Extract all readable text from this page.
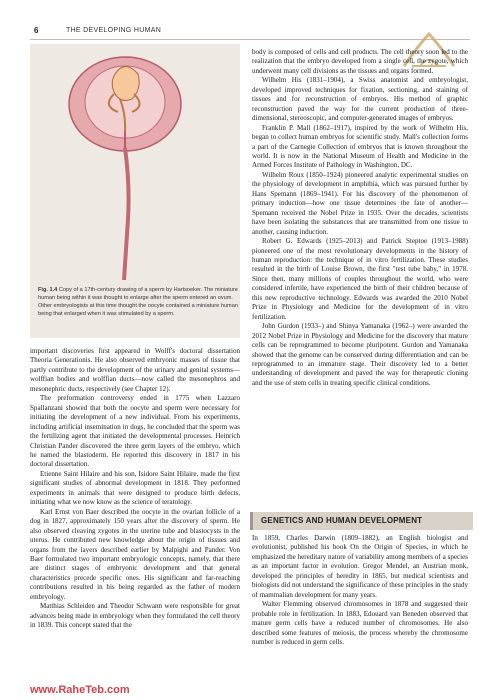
6	THE DEVELOPING HUMAN
Fig. 1.4 Copy of a 17th-century drawing of a sperm by Hartsoeker. The miniature human being within it was thought to enlarge after the sperm entered an ovum. Other embryologists at this time thought the oocyte contained a miniature human being that enlarged when it was stimulated by a sperm.

important discoveries first appeared in Wolff's doctoral dissertation Theoria Generationis. He also observed embryonic masses of tissue that partly contribute to the development of the urinary and genital systems—wolffian bodies and wolffian ducts—now called the mesonephros and mesonephric ducts, respectively (see Chapter 12).

The preformation controversy ended in 1775 when Lazzaro Spallanzani showed that both the oocyte and sperm were necessary for initiating the development of a new individual. From his experiments, including artificial insemination in dogs, he concluded that the sperm was the fertilizing agent that initiated the developmental processes. Heinrich Christian Pander discovered the three germ layers of the embryo, which he named the blastoderm. He reported this discovery in 1817 in his doctoral dissertation.

Etienne Saint Hilaire and his son, Isidore Saint Hilaire, made the first significant studies of abnormal development in 1818. They performed experiments in animals that were designed to produce birth defects, initiating what we now know as the science of teratology.

Karl Ernst von Baer described the oocyte in the ovarian follicle of a dog in 1827, approximately 150 years after the discovery of sperm. He also observed cleaving zygotes in the uterine tube and blastocysts in the uterus. He contributed new knowledge about the origin of tissues and organs from the layers described earlier by Malpighi and Pander. Von Baer formulated two important embryologic concepts, namely, that there are distinct stages of embryonic development and that general characteristics precede specific ones. His significant and far-reaching contributions resulted in his being regarded as the father of modern embryology.

Matthias Schleiden and Theodor Schwann were responsible for great advances being made in embryology when they formulated the cell theory in 1839. This concept stated that the

body is composed of cells and cell products. The cell theory soon led to the realization that the embryo developed from a single cell, the zygote, which underwent many cell divisions as the tissues and organs formed.

Wilhelm His (1831–1904), a Swiss anatomist and embryologist, developed improved techniques for fixation, sectioning, and staining of tissues and for reconstruction of embryos. His method of graphic reconstruction paved the way for the current production of three-dimensional, stereoscopic, and computer-generated images of embryos.

Franklin P. Mall (1862–1917), inspired by the work of Wilhelm His, began to collect human embryos for scientific study. Mall's collection forms a part of the Carnegie Collection of embryos that is known throughout the world. It is now in the National Museum of Health and Medicine in the Armed Forces Institute of Pathology in Washington, DC.

Wilhelm Roux (1850–1924) pioneered analytic experimental studies on the physiology of development in amphibia, which was pursued further by Hans Spemann (1869–1941). For his discovery of the phenomenon of primary induction—how one tissue determines the fate of another—Spemann received the Nobel Prize in 1935. Over the decades, scientists have been isolating the substances that are transmitted from one tissue to another, causing induction.

Robert G. Edwards (1925–2013) and Patrick Steptoe (1913–1988) pioneered one of the most revolutionary developments in the history of human reproduction: the technique of in vitro fertilization. These studies resulted in the birth of Louise Brown, the first "test tube baby," in 1978. Since then, many millions of couples throughout the world, who were considered infertile, have experienced the birth of their children because of this new reproductive technology. Edwards was awarded the 2010 Nobel Prize in Physiology and Medicine for the development of in vitro fertilization.

John Gurdon (1933–) and Shinya Yamanaka (1962–) were awarded the 2012 Nobel Prize in Physiology and Medicine for the discovery that mature cells can be reprogrammed to become pluripotent. Gurdon and Yamanaka showed that the genome can be conserved during differentiation and can be reprogrammed to an immature stage. Their discovery led to a better understanding of development and paved the way for therapeutic cloning and the use of stem cells in treating specific clinical conditions.

GENETICS AND HUMAN DEVELOPMENT

In 1859, Charles Darwin (1809–1882), an English biologist and evolutionist, published his book On the Origin of Species, in which he emphasized the hereditary nature of variability among members of a species as an important factor in evolution. Gregor Mendel, an Austrian monk, developed the principles of heredity in 1865, but medical scientists and biologists did not understand the significance of these principles in the study of mammalian development for many years.

Walter Flemming observed chromosomes in 1878 and suggested their probable role in fertilization. In 1883, Edouard van Beneden observed that mature germ cells have a reduced number of chromosomes. He also described some features of meiosis, the process whereby the chromosome number is reduced in germ cells.

www.RaheTeb.com
